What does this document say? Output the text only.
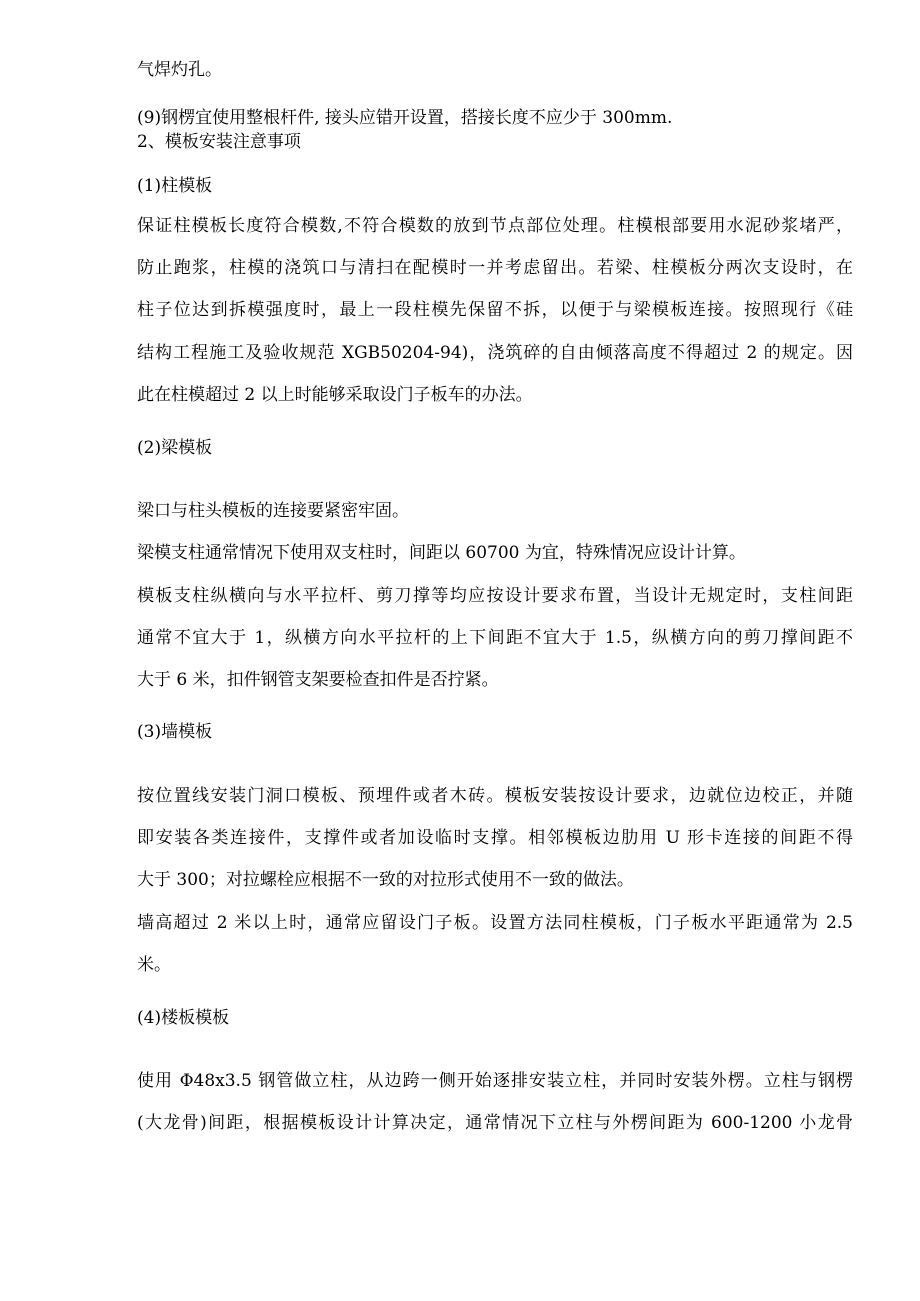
气焊灼孔。
(9)钢楞宜使用整根杆件, 接头应错开设置，搭接长度不应少于 300mm.
2、模板安装注意事项
(1)柱模板
保证柱模板长度符合模数,不符合模数的放到节点部位处理。柱模根部要用水泥砂浆堵严，
防止跑浆，柱模的浇筑口与清扫在配模时一并考虑留出。若梁、柱模板分两次支设时，在
柱子位达到拆模强度时，最上一段柱模先保留不拆，以便于与梁模板连接。按照现行《硅
结构工程施工及验收规范 XGB50204-94)，浇筑碎的自由倾落高度不得超过 2 的规定。因
此在柱模超过 2 以上时能够采取设门子板车的办法。
(2)梁模板
梁口与柱头模板的连接要紧密牢固。
梁模支柱通常情况下使用双支柱时，间距以 60700 为宜，特殊情况应设计计算。
模板支柱纵横向与水平拉杆、剪刀撑等均应按设计要求布置，当设计无规定时，支柱间距
通常不宜大于 1，纵横方向水平拉杆的上下间距不宜大于 1.5，纵横方向的剪刀撑间距不
大于 6 米，扣件钢管支架要检查扣件是否拧紧。
(3)墙模板
按位置线安装门洞口模板、预埋件或者木砖。模板安装按设计要求，边就位边校正，并随
即安装各类连接件，支撑件或者加设临时支撑。相邻模板边肋用 U 形卡连接的间距不得
大于 300；对拉螺栓应根据不一致的对拉形式使用不一致的做法。
墙高超过 2 米以上时，通常应留设门子板。设置方法同柱模板，门子板水平距通常为 2.5
米。
(4)楼板模板
使用 Φ48x3.5 钢管做立柱，从边跨一侧开始逐排安装立柱，并同时安装外楞。立柱与钢楞
(大龙骨)间距，根据模板设计计算决定，通常情况下立柱与外楞间距为 600-1200 小龙骨
